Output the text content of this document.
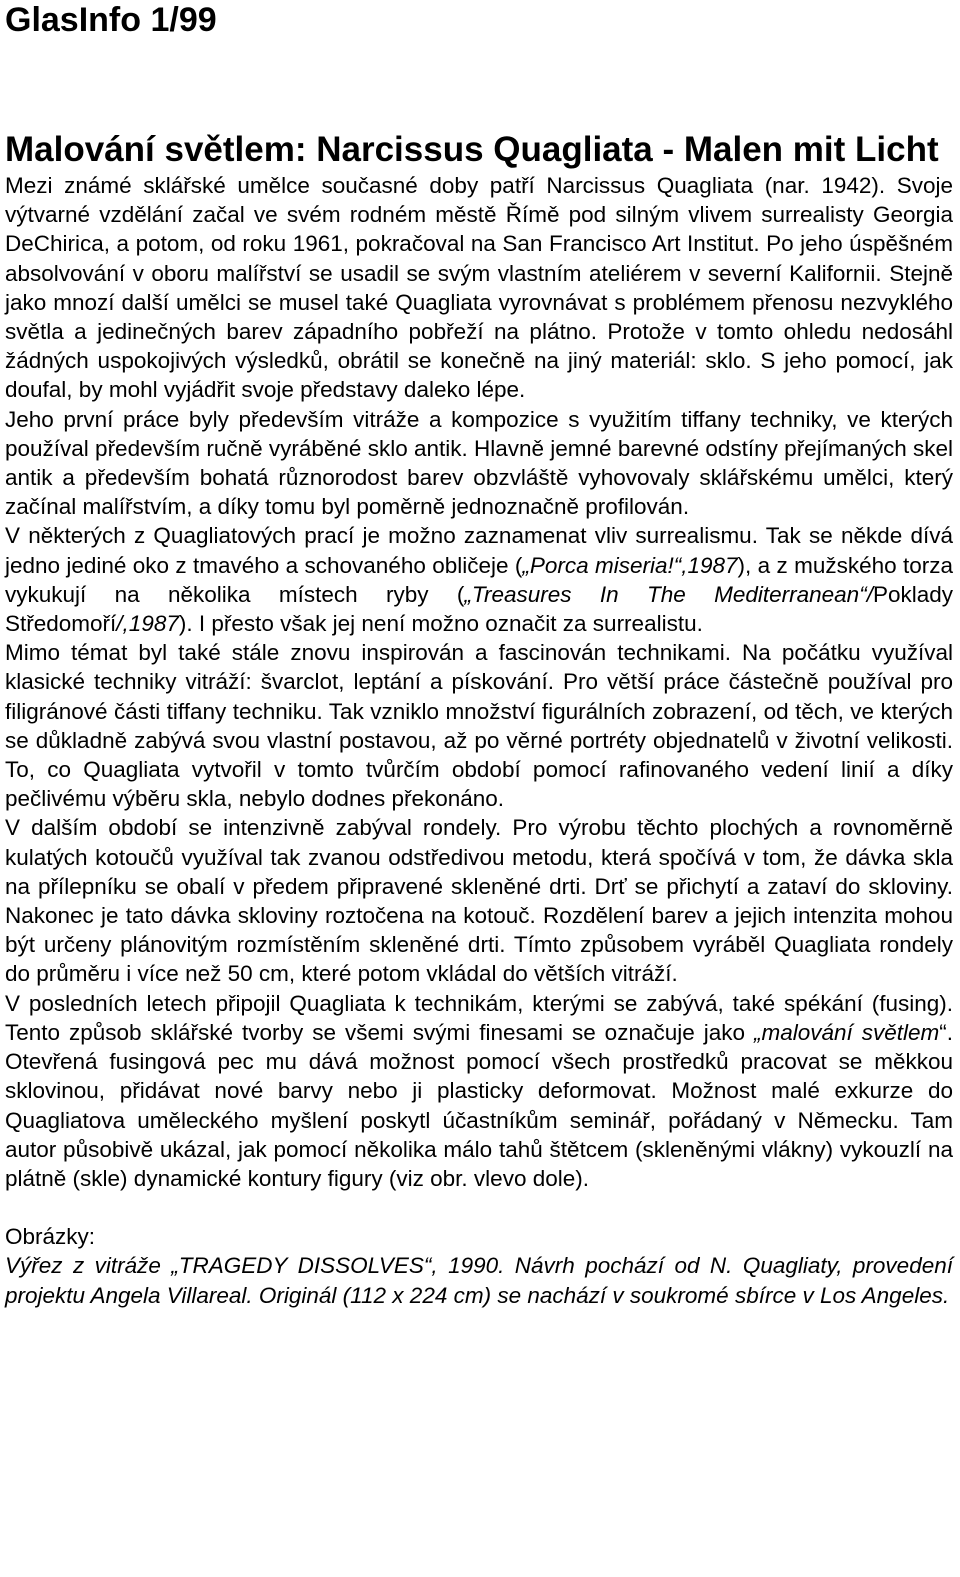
GlasInfo 1/99
Malování světlem: Narcissus Quagliata - Malen mit Licht

Mezi známé sklářské umělce současné doby patří Narcissus Quagliata (nar. 1942). Svoje výtvarné vzdělání začal ve svém rodném městě Římě pod silným vlivem surrealisty Georgia DeChirica, a potom, od roku 1961, pokračoval na San Francisco Art Institut. Po jeho úspěšném absolvování v oboru malířství se usadil se svým vlastním ateliérem v severní Kalifornii. Stejně jako mnozí další umělci se musel také Quagliata vyrovnávat s problémem přenosu nezvyklého světla a jedinečných barev západního pobřeží na plátno. Protože v tomto ohledu nedosáhl žádných uspokojivých výsledků, obrátil se konečně na jiný materiál: sklo. S jeho pomocí, jak doufal, by mohl vyjádřit svoje představy daleko lépe.

Jeho první práce byly především vitráže a kompozice s využitím tiffany techniky, ve kterých používal především ručně vyráběné sklo antik. Hlavně jemné barevné odstíny přejímaných skel antik a především bohatá různorodost barev obzvláště vyhovovaly sklářskému umělci, který začínal malířstvím, a díky tomu byl poměrně jednoznačně profilován.

V některých z Quagliatových prací je možno zaznamenat vliv surrealismu. Tak se někde dívá jedno jediné oko z tmavého a schovaného obličeje („Porca miseria!“,1987), a z mužského torza vykukují na několika místech ryby („Treasures In The Mediterranean“/Poklady Středomoří/,1987). I přesto však jej není možno označit za surrealistu.

Mimo témat byl také stále znovu inspirován a fascinován technikami. Na počátku využíval klasické techniky vitráží: švarclot, leptání a pískování. Pro větší práce částečně používal pro filigránové části tiffany techniku. Tak vzniklo množství figurálních zobrazení, od těch, ve kterých se důkladně zabývá svou vlastní postavou, až po věrné portréty objednatelů v životní velikosti. To, co Quagliata vytvořil v tomto tvůrčím období pomocí rafinovaného vedení linií a díky pečlivému výběru skla, nebylo dodnes překonáno.

V dalším období se intenzivně zabýval rondely. Pro výrobu těchto plochých a rovnoměrně kulatých kotoučů využíval tak zvanou odstředivou metodu, která spočívá v tom, že dávka skla na přílepníku se obalí v předem připravené skleněné drti. Drť se přichytí a zataví do skloviny. Nakonec je tato dávka skloviny roztočena na kotouč. Rozdělení barev a jejich intenzita mohou být určeny plánovitým rozmístěním skleněné drti. Tímto způsobem vyráběl Quagliata rondely do průměru i více než 50 cm, které potom vkládal do větších vitráží.

V posledních letech připojil Quagliata k technikám, kterými se zabývá, také spékání (fusing). Tento způsob sklářské tvorby se všemi svými finesami se označuje jako „malování světlem“. Otevřená fusingová pec mu dává možnost pomocí všech prostředků pracovat se měkkou sklovinou, přidávat nové barvy nebo ji plasticky deformovat. Možnost malé exkurze do Quagliatova uměleckého myšlení poskytl účastníkům seminář, pořádaný v Německu. Tam autor působivě ukázal, jak pomocí několika málo tahů štětcem (skleněnými vlákny) vykouzlí na plátně (skle) dynamické kontury figury (viz obr. vlevo dole).

Obrázky:

Výřez z vitráže „TRAGEDY DISSOLVES“, 1990. Návrh pochází od N. Quagliaty, provedení projektu Angela Villareal. Originál (112 x 224 cm) se nachází v soukromé sbírce v Los Angeles.
